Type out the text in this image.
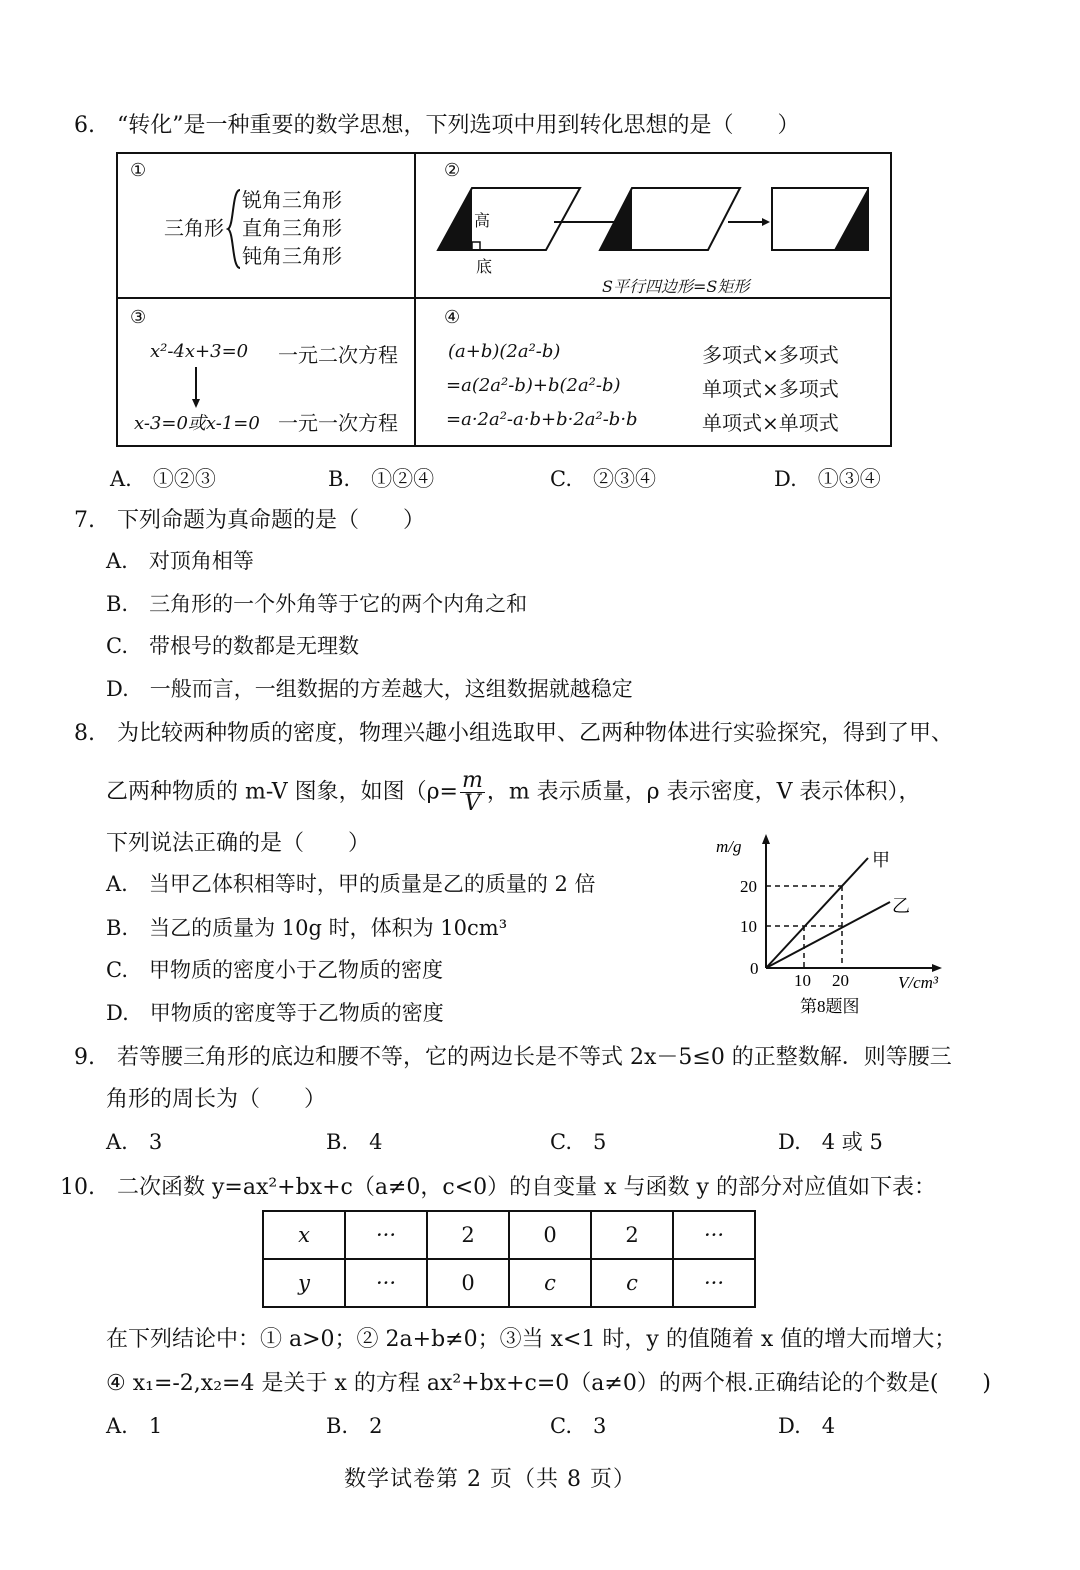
6.　“转化”是一种重要的数学思想，下列选项中用到转化思想的是（　　）
①
三角形
锐角三角形
直角三角形
钝角三角形
②
高
底
S平行四边形=S矩形
③
x²-4x+3=0 一元二次方程
x-3=0或x-1=0 一元一次方程
④
(a+b)(2a²-b)
=a(2a²-b)+b(2a²-b)
=a·2a²-a·b+b·2a²-b·b
多项式×多项式
单项式×多项式
单项式×单项式
A.　①②③	B.　①②④	C.　②③④	D.　①③④
7.　下列命题为真命题的是（　　）
A.　对顶角相等
B.　三角形的一个外角等于它的两个内角之和
C.　带根号的数都是无理数
D.　一般而言，一组数据的方差越大，这组数据就越稳定
8.　为比较两种物质的密度，物理兴趣小组选取甲、乙两种物体进行实验探究，得到了甲、
乙两种物质的 m-V 图象，如图（$\rho= \frac{m}{V}$ ，m 表示质量，ρ 表示密度，V 表示体积），
下列说法正确的是（　　）
A.　当甲乙体积相等时，甲的质量是乙的质量的 2 倍
B.　当乙的质量为 10g 时，体积为 10cm³
C.　甲物质的密度小于乙物质的密度
D.　甲物质的密度等于乙物质的密度
m/g
V/cm³
0
20
10
10 20
甲
乙
第8题图
9.　若等腰三角形的底边和腰不等，它的两边长是不等式 2x－5≤0 的正整数解．则等腰三
角形的周长为（　　）
A.　3	B.　4	C.　5	D.　4 或 5
10.　二次函数 y=ax²+bx+c（a≠0，c<0）的自变量 x 与函数 y 的部分对应值如下表：
x	···	2	0	2	···
y	···	0	c	c	···
在下列结论中：① a>0；② 2a+b≠0；③当 x<1 时，y 的值随着 x 值的增大而增大；
④ x₁=-2,x₂=4 是关于 x 的方程 ax²+bx+c=0（a≠0）的两个根.正确结论的个数是(　　)
A.　1	B.　2	C.　3	D.　4
数学试卷第 2 页（共 8 页）
